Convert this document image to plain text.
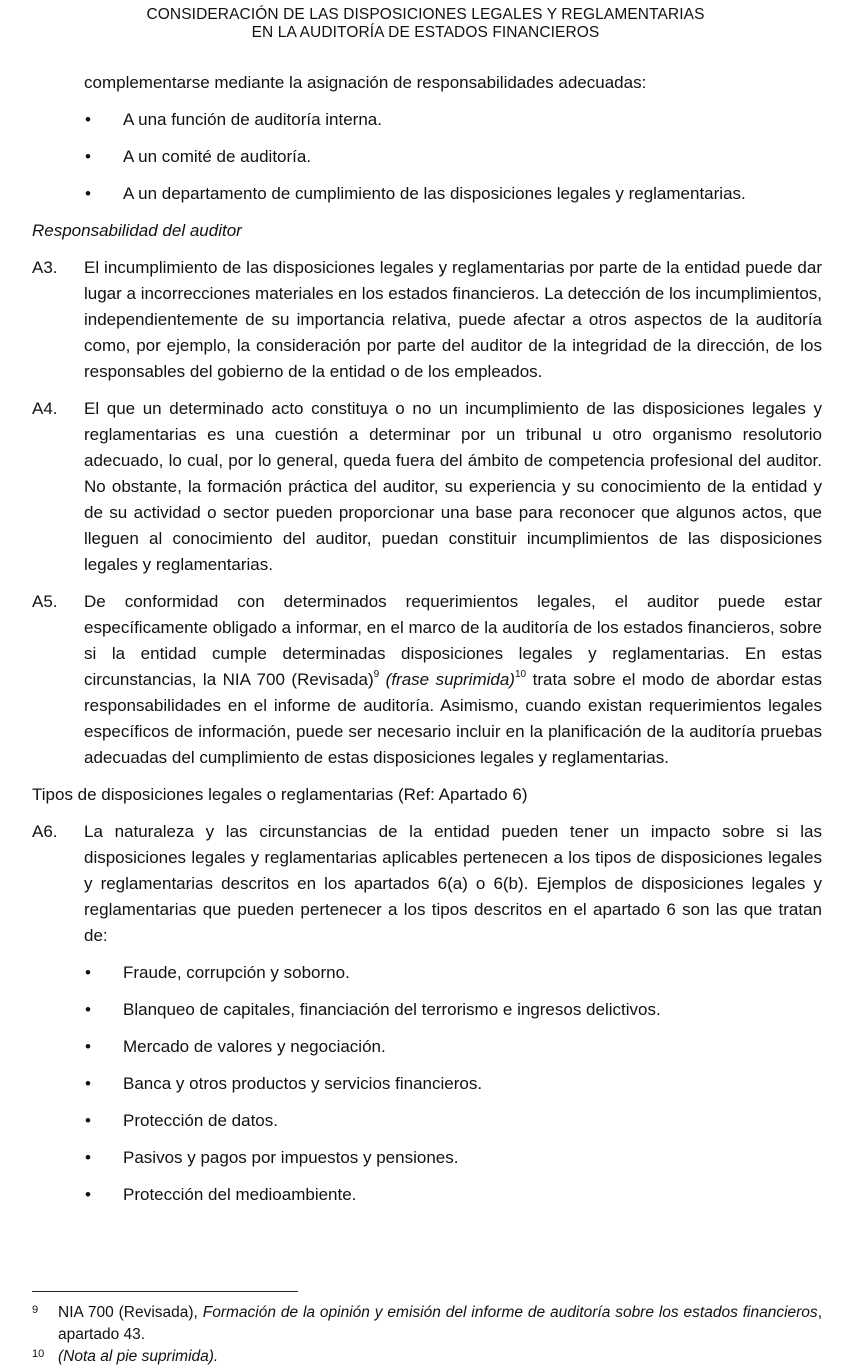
CONSIDERACIÓN DE LAS DISPOSICIONES LEGALES Y REGLAMENTARIAS
EN LA AUDITORÍA DE ESTADOS FINANCIEROS

complementarse mediante la asignación de responsabilidades adecuadas:

• A una función de auditoría interna.
• A un comité de auditoría.
• A un departamento de cumplimiento de las disposiciones legales y reglamentarias.

Responsabilidad del auditor

A3. El incumplimiento de las disposiciones legales y reglamentarias por parte de la entidad puede dar lugar a incorrecciones materiales en los estados financieros. La detección de los incumplimientos, independientemente de su importancia relativa, puede afectar a otros aspectos de la auditoría como, por ejemplo, la consideración por parte del auditor de la integridad de la dirección, de los responsables del gobierno de la entidad o de los empleados.
A4. El que un determinado acto constituya o no un incumplimiento de las disposiciones legales y reglamentarias es una cuestión a determinar por un tribunal u otro organismo resolutorio adecuado, lo cual, por lo general, queda fuera del ámbito de competencia profesional del auditor. No obstante, la formación práctica del auditor, su experiencia y su conocimiento de la entidad y de su actividad o sector pueden proporcionar una base para reconocer que algunos actos, que lleguen al conocimiento del auditor, puedan constituir incumplimientos de las disposiciones legales y reglamentarias.
A5. De conformidad con determinados requerimientos legales, el auditor puede estar específicamente obligado a informar, en el marco de la auditoría de los estados financieros, sobre si la entidad cumple determinadas disposiciones legales y reglamentarias. En estas circunstancias, la NIA 700 (Revisada)$^9$ (frase suprimida)$^{10}$ trata sobre el modo de abordar estas responsabilidades en el informe de auditoría. Asimismo, cuando existan requerimientos legales específicos de información, puede ser necesario incluir en la planificación de la auditoría pruebas adecuadas del cumplimiento de estas disposiciones legales y reglamentarias.

Tipos de disposiciones legales o reglamentarias (Ref: Apartado 6)

A6. La naturaleza y las circunstancias de la entidad pueden tener un impacto sobre si las disposiciones legales y reglamentarias aplicables pertenecen a los tipos de disposiciones legales y reglamentarias descritos en los apartados 6(a) o 6(b). Ejemplos de disposiciones legales y reglamentarias que pueden pertenecer a los tipos descritos en el apartado 6 son las que tratan de:
• Fraude, corrupción y soborno.
• Blanqueo de capitales, financiación del terrorismo e ingresos delictivos.
• Mercado de valores y negociación.
• Banca y otros productos y servicios financieros.
• Protección de datos.
• Pasivos y pagos por impuestos y pensiones.
• Protección del medioambiente.
9 NIA 700 (Revisada), Formación de la opinión y emisión del informe de auditoría sobre los estados financieros, apartado 43.
10 (Nota al pie suprimida).
